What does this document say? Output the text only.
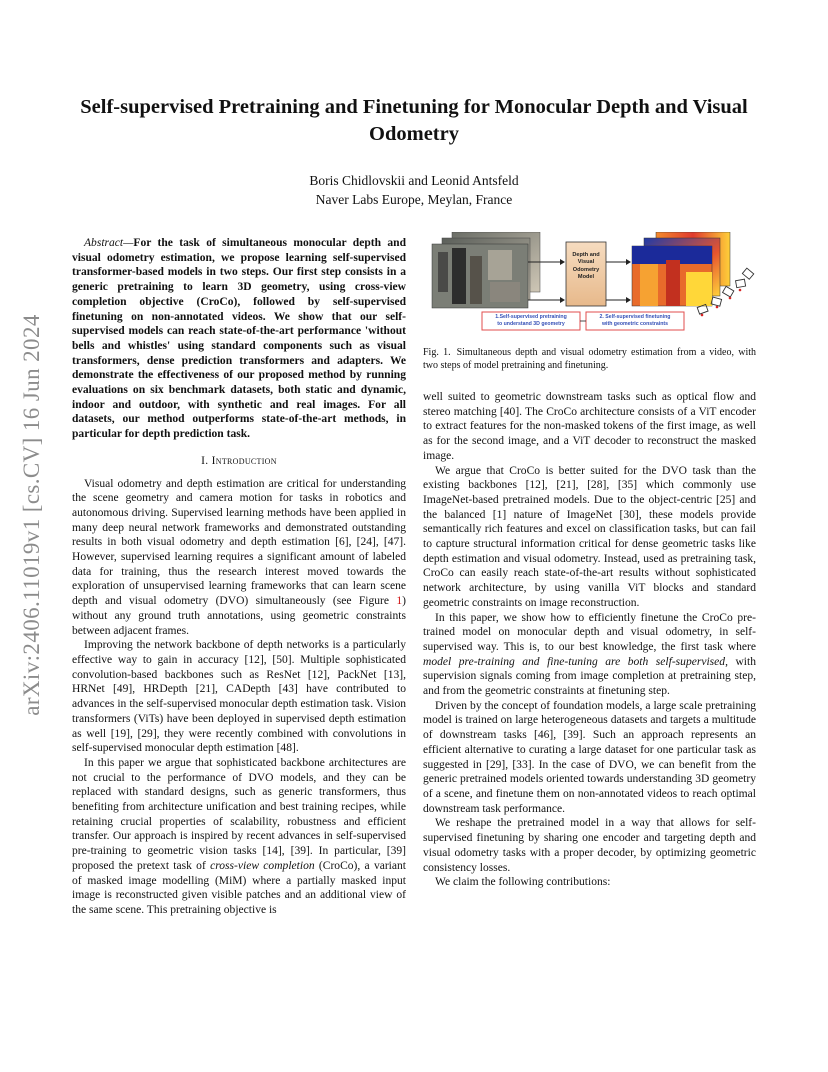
arXiv:2406.11019v1 [cs.CV] 16 Jun 2024
Self-supervised Pretraining and Finetuning for Monocular Depth and Visual Odometry
Boris Chidlovskii and Leonid Antsfeld
Naver Labs Europe, Meylan, France

Abstract—For the task of simultaneous monocular depth and visual odometry estimation, we propose learning self-supervised transformer-based models in two steps. Our first step consists in a generic pretraining to learn 3D geometry, using cross-view completion objective (CroCo), followed by self-supervised finetuning on non-annotated videos. We show that our self-supervised models can reach state-of-the-art performance 'without bells and whistles' using standard components such as visual transformers, dense prediction transformers and adapters. We demonstrate the effectiveness of our proposed method by running evaluations on six benchmark datasets, both static and dynamic, indoor and outdoor, with synthetic and real images. For all datasets, our method outperforms state-of-the-art methods, in particular for depth prediction task.

I. Introduction

Visual odometry and depth estimation are critical for understanding the scene geometry and camera motion for tasks in robotics and autonomous driving. Supervised learning methods have been applied in many deep neural network frameworks and demonstrated outstanding results in both visual odometry and depth estimation [6], [24], [47]. However, supervised learning requires a significant amount of labeled data for training, thus the research interest moved towards the exploration of unsupervised learning frameworks that can learn scene depth and visual odometry (DVO) simultaneously (see Figure 1) without any ground truth annotations, using geometric constraints between adjacent frames.

Improving the network backbone of depth networks is a particularly effective way to gain in accuracy [12], [50]. Multiple sophisticated convolution-based backbones such as ResNet [12], PackNet [13], HRNet [49], HRDepth [21], CADepth [43] have contributed to advances in the self-supervised monocular depth estimation task. Vision transformers (ViTs) have been deployed in supervised depth estimation as well [19], [29], they were recently combined with convolutions in self-supervised monocular depth estimation [48].

In this paper we argue that sophisticated backbone architectures are not crucial to the performance of DVO models, and they can be replaced with standard designs, such as generic transformers, thus benefiting from architecture unification and best training recipes, while retaining crucial properties of scalability, robustness and efficient transfer. Our approach is inspired by recent advances in self-supervised pre-training to geometric vision tasks [14], [39]. In particular, [39] proposed the pretext task of cross-view completion (CroCo), a variant of masked image modelling (MiM) where a partially masked input image is reconstructed given visible patches and an additional view of the same scene. This pretraining objective is

Depth and
Visual
Odometry
Model
1.Self-supervised pretraining
to understand 3D geometry
2. Self-supervised finetuning
with geometric constraints
Fig. 1. Simultaneous depth and visual odometry estimation from a video, with two steps of model pretraining and finetuning.

well suited to geometric downstream tasks such as optical flow and stereo matching [40]. The CroCo architecture consists of a ViT encoder to extract features for the non-masked tokens of the first image, as well as for the second image, and a ViT decoder to reconstruct the masked image.

We argue that CroCo is better suited for the DVO task than the existing backbones [12], [21], [28], [35] which commonly use ImageNet-based pretrained models. Due to the object-centric [25] and the balanced [1] nature of ImageNet [30], these models provide semantically rich features and excel on classification tasks, but can fail to capture structural information critical for dense geometric tasks like depth estimation and visual odometry. Instead, used as pretraining task, CroCo can easily reach state-of-the-art results without sophisticated network architecture, by using vanilla ViT blocks and standard geometric constraints on image reconstruction.

In this paper, we show how to efficiently finetune the CroCo pre-trained model on monocular depth and visual odometry, in self-supervised way. This is, to our best knowledge, the first task where model pre-training and fine-tuning are both self-supervised, with supervision signals coming from image completion at pretraining step, and from the geometric constraints at finetuning step.

Driven by the concept of foundation models, a large scale pretraining model is trained on large heterogeneous datasets and targets a multitude of downstream tasks [46], [39]. Such an approach represents an efficient alternative to curating a large dataset for one particular task as suggested in [29], [33]. In the case of DVO, we can benefit from the generic pretrained models oriented towards understanding 3D geometry of a scene, and finetune them on non-annotated videos to reach optimal downstream task performance.

We reshape the pretrained model in a way that allows for self-supervised finetuning by sharing one encoder and targeting depth and visual odometry tasks with a proper decoder, by optimizing geometric consistency losses.

We claim the following contributions:
